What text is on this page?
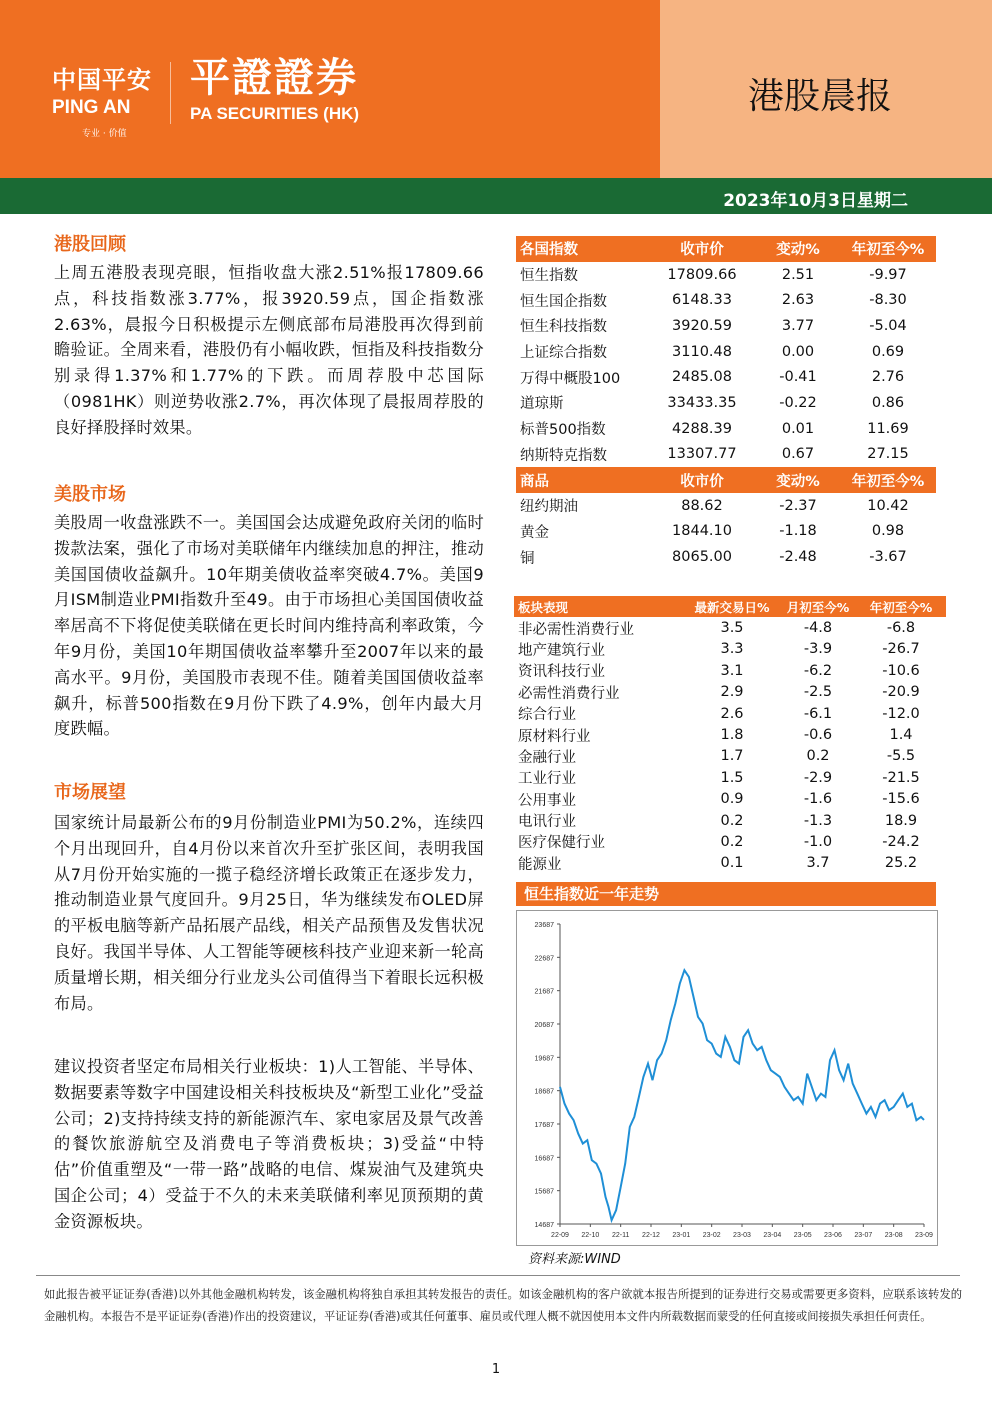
中国平安
PING AN
专业 · 价值
平證證券
PA SECURITIES (HK)	港股晨报
2023年10月3日星期二
港股回顾

上周五港股表现亮眼，恒指收盘大涨2.51%报17809.66点，科技指数涨3.77%，报3920.59点，国企指数涨2.63%，晨报今日积极提示左侧底部布局港股再次得到前瞻验证。全周来看，港股仍有小幅收跌，恒指及科技指数分别录得1.37%和1.77%的下跌。而周荐股中芯国际（0981HK）则逆势收涨2.7%，再次体现了晨报周荐股的良好择股择时效果。

美股市场

美股周一收盘涨跌不一。美国国会达成避免政府关闭的临时拨款法案，强化了市场对美联储年内继续加息的押注，推动美国国债收益飙升。10年期美债收益率突破4.7%。美国9月ISM制造业PMI指数升至49。由于市场担心美国国债收益率居高不下将促使美联储在更长时间内维持高利率政策，今年9月份，美国10年期国债收益率攀升至2007年以来的最高水平。9月份，美国股市表现不佳。随着美国国债收益率飙升，标普500指数在9月份下跌了4.9%，创年内最大月度跌幅。

市场展望

国家统计局最新公布的9月份制造业PMI为50.2%，连续四个月出现回升，自4月份以来首次升至扩张区间，表明我国从7月份开始实施的一揽子稳经济增长政策正在逐步发力，推动制造业景气度回升。9月25日，华为继续发布OLED屏的平板电脑等新产品拓展产品线，相关产品预售及发售状况良好。我国半导体、人工智能等硬核科技产业迎来新一轮高质量增长期，相关细分行业龙头公司值得当下着眼长远积极布局。

建议投资者坚定布局相关行业板块：1)人工智能、半导体、数据要素等数字中国建设相关科技板块及“新型工业化”受益公司；2)支持持续支持的新能源汽车、家电家居及景气改善的餐饮旅游航空及消费电子等消费板块；3)受益“中特估”价值重塑及“一带一路”战略的电信、煤炭油气及建筑央国企公司；4）受益于不久的未来美联储利率见顶预期的黄金资源板块。

各国指数	收市价	变动%	年初至今%
恒生指数	17809.66	2.51	-9.97
恒生国企指数	6148.33	2.63	-8.30
恒生科技指数	3920.59	3.77	-5.04
上证综合指数	3110.48	0.00	0.69
万得中概股100	2485.08	-0.41	2.76
道琼斯	33433.35	-0.22	0.86
标普500指数	4288.39	0.01	11.69
纳斯特克指数	13307.77	0.67	27.15
商品	收市价	变动%	年初至今%
纽约期油	88.62	-2.37	10.42
黄金	1844.10	-1.18	0.98
铜	8065.00	-2.48	-3.67
板块表现	最新交易日%	月初至今%	年初至今%
非必需性消费行业	3.5	-4.8	-6.8
地产建筑行业	3.3	-3.9	-26.7
资讯科技行业	3.1	-6.2	-10.6
必需性消费行业	2.9	-2.5	-20.9
综合行业	2.6	-6.1	-12.0
原材料行业	1.8	-0.6	1.4
金融行业	1.7	0.2	-5.5
工业行业	1.5	-2.9	-21.5
公用事业	0.9	-1.6	-15.6
电讯行业	0.2	-1.3	18.9
医疗保健行业	0.2	-1.0	-24.2
能源业	0.1	3.7	25.2
恒生指数近一年走势
14687
15687
16687
17687
18687
19687
20687
21687
22687
23687
22-09 22-10 22-11 22-12 23-01 23-02 23-03 23-04 23-05 23-06 23-07 23-08 23-09
资料来源:WIND

如此报告被平证证券(香港)以外其他金融机构转发，该金融机构将独自承担其转发报告的责任。如该金融机构的客户欲就本报告所提到的证券进行交易或需要更多资料，应联系该转发的金融机构。本报告不是平证证券(香港)作出的投资建议，平证证券(香港)或其任何董事、雇员或代理人概不就因使用本文件内所载数据而蒙受的任何直接或间接损失承担任何责任。

1
